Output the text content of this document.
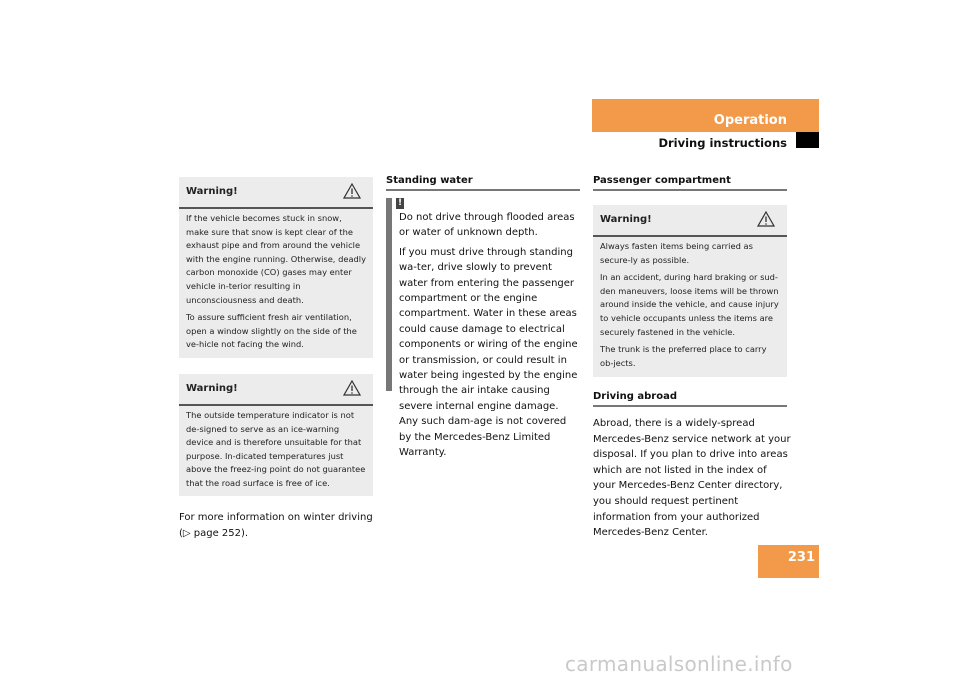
Operation
Driving instructions
Warning!

If the vehicle becomes stuck in snow, make sure that snow is kept clear of the exhaust pipe and from around the vehicle with the engine running. Otherwise, deadly carbon monoxide (CO) gases may enter vehicle in-terior resulting in unconsciousness and death.

To assure sufficient fresh air ventilation, open a window slightly on the side of the ve-hicle not facing the wind.

Warning!

The outside temperature indicator is not de-signed to serve as an ice-warning device and is therefore unsuitable for that purpose. In-dicated temperatures just above the freez-ing point do not guarantee that the road surface is free of ice.

For more information on winter driving
(▷ page 252).
Standing water
!

Do not drive through flooded areas or water of unknown depth.

If you must drive through standing wa-ter, drive slowly to prevent water from entering the passenger compartment or the engine compartment. Water in these areas could cause damage to electrical components or wiring of the engine or transmission, or could result in water being ingested by the engine through the air intake causing severe internal engine damage. Any such dam-age is not covered by the Mercedes-Benz Limited Warranty.

Passenger compartment
Warning!

Always fasten items being carried as secure-ly as possible.

In an accident, during hard braking or sud-den maneuvers, loose items will be thrown around inside the vehicle, and cause injury to vehicle occupants unless the items are securely fastened in the vehicle.

The trunk is the preferred place to carry ob-jects.

Driving abroad
Abroad, there is a widely-spread Mercedes-Benz service network at your disposal. If you plan to drive into areas which are not listed in the index of your Mercedes-Benz Center directory, you should request pertinent information from your authorized Mercedes-Benz Center.
231
carmanualsonline.info
